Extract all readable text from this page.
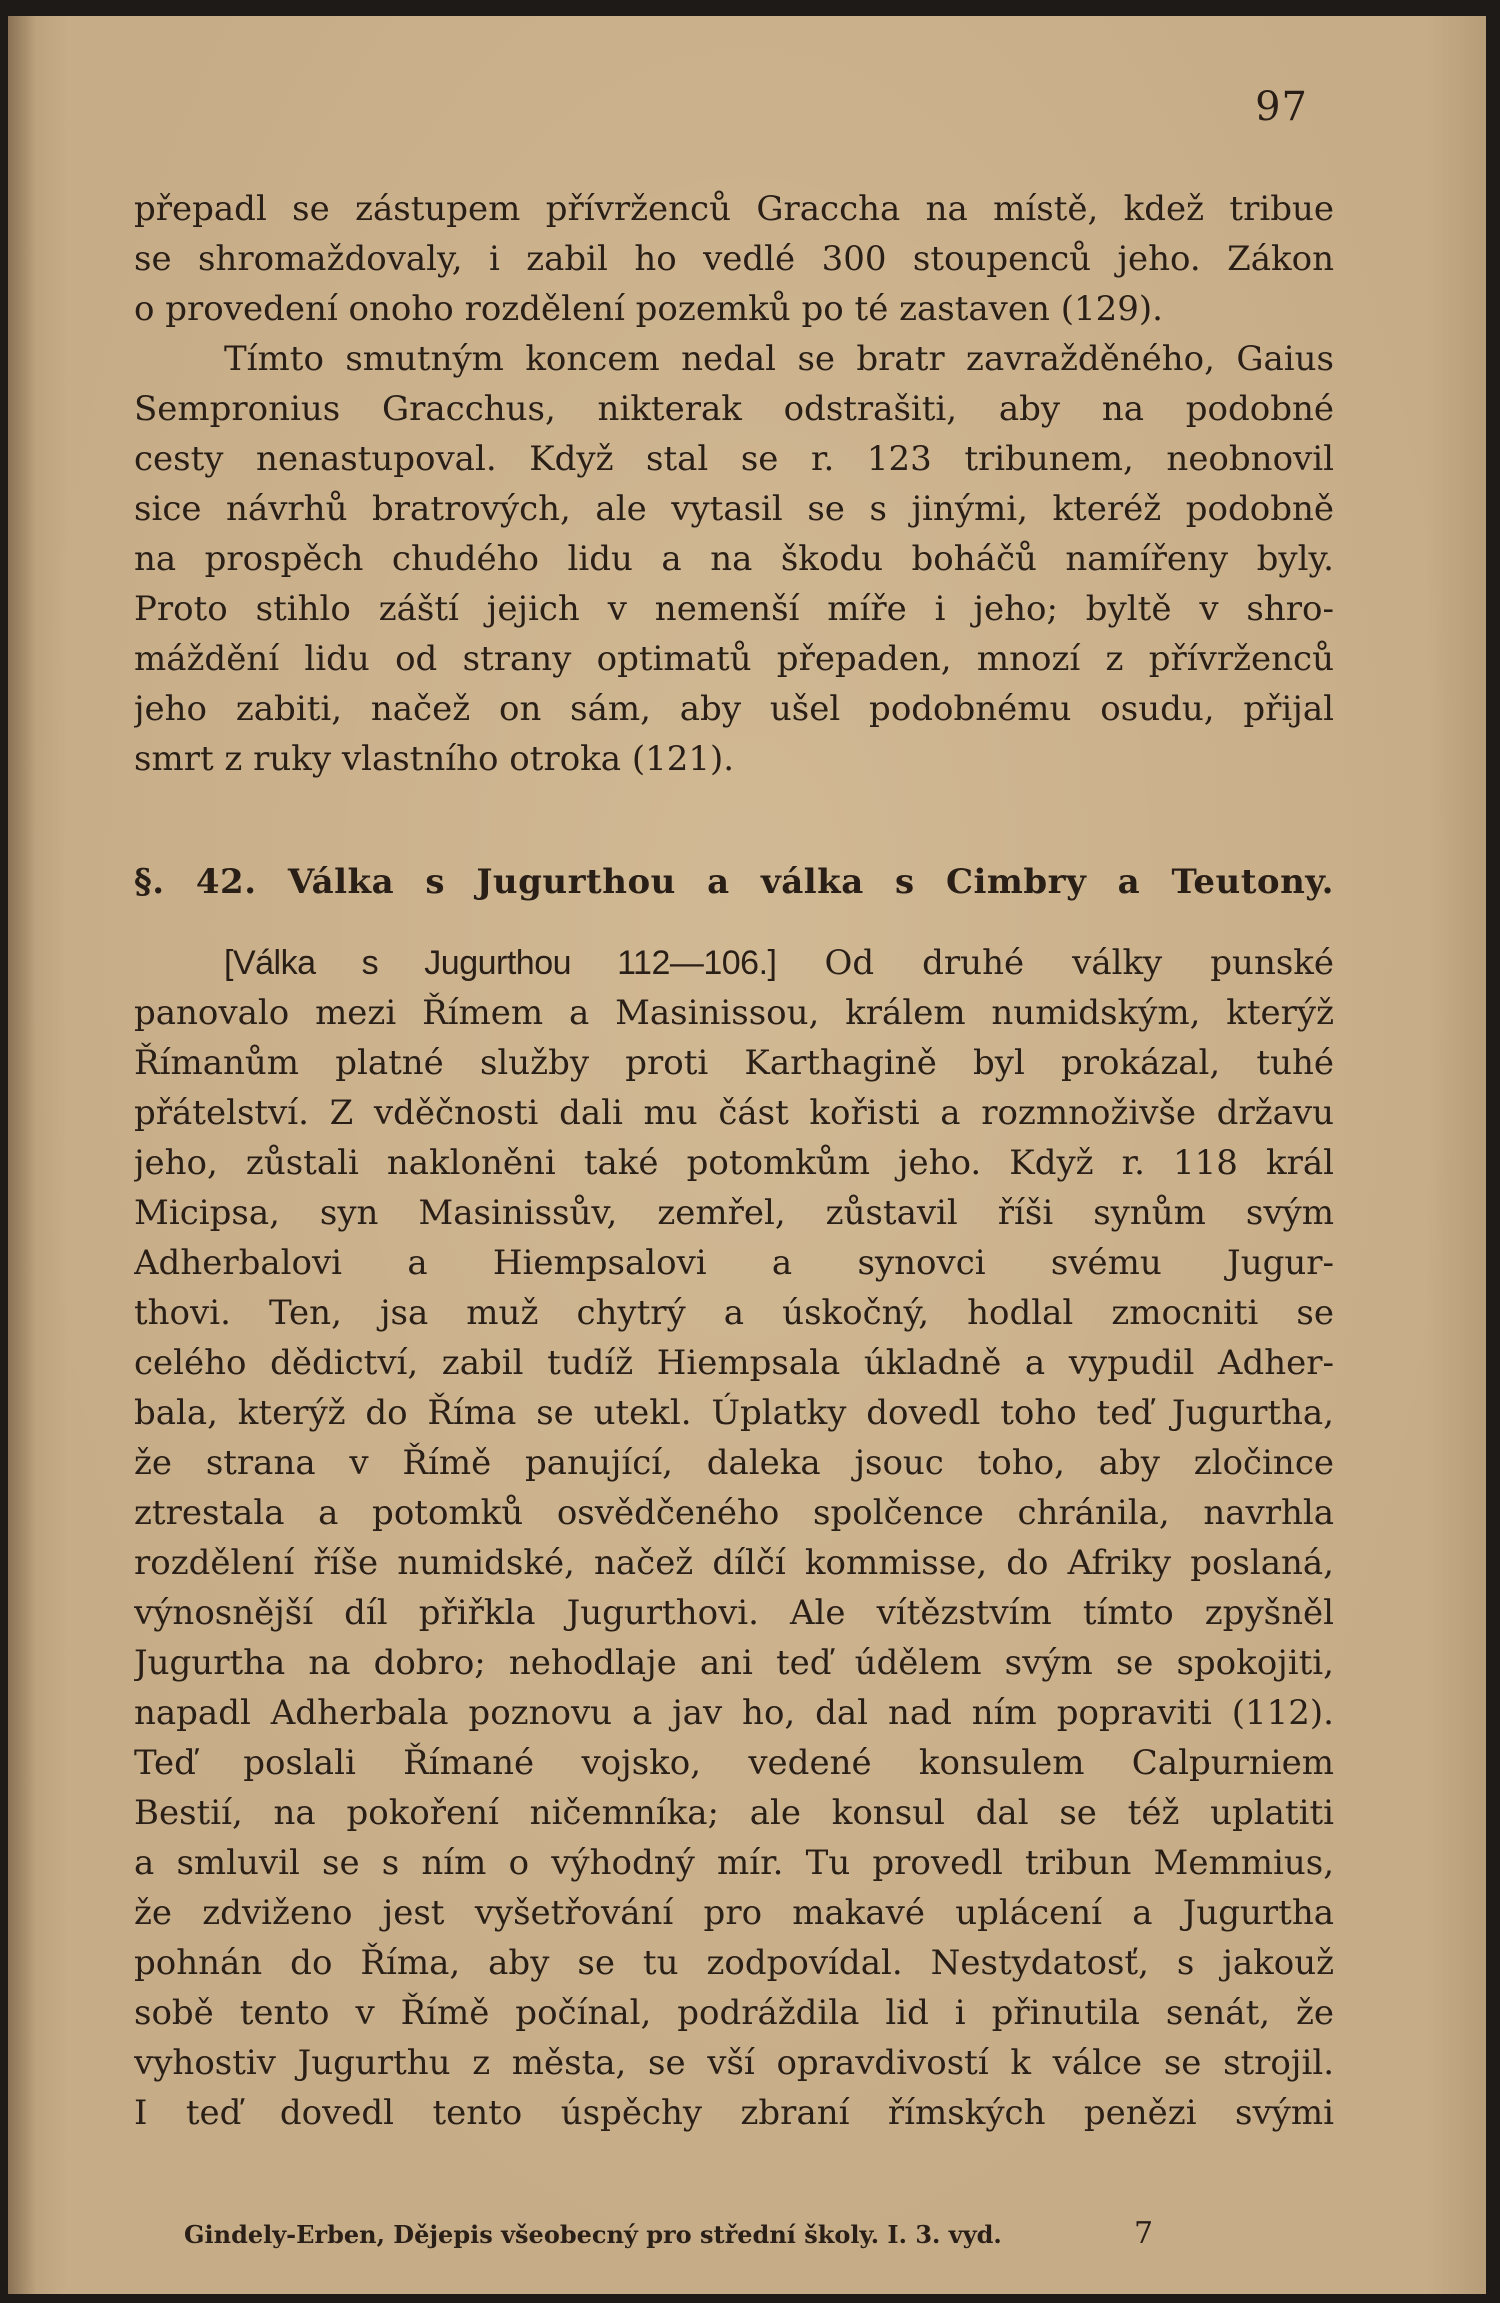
97
přepadl se zástupem přívrženců Graccha na místě, kdež tribue
se shromaždovaly, i zabil ho vedlé 300 stoupenců jeho. Zákon
o provedení onoho rozdělení pozemků po té zastaven (129).
Tímto smutným koncem nedal se bratr zavražděného, Gaius
Sempronius Gracchus, nikterak odstrašiti, aby na podobné
cesty nenastupoval. Když stal se r. 123 tribunem, neobnovil
sice návrhů bratrových, ale vytasil se s jinými, kteréž podobně
na prospěch chudého lidu a na škodu boháčů namířeny byly.
Proto stihlo záští jejich v nemenší míře i jeho; byltě v shro-
máždění lidu od strany optimatů přepaden, mnozí z přívrženců
jeho zabiti, načež on sám, aby ušel podobnému osudu, přijal
smrt z ruky vlastního otroka (121).
§. 42. Válka s Jugurthou a válka s Cimbry a Teutony.
[Válka s Jugurthou 112—106.] Od druhé války punské
panovalo mezi Římem a Masinissou, králem numidským, kterýž
Římanům platné služby proti Karthagině byl prokázal, tuhé
přátelství. Z vděčnosti dali mu část kořisti a rozmnoživše državu
jeho, zůstali nakloněni také potomkům jeho. Když r. 118 král
Micipsa, syn Masinissův, zemřel, zůstavil říši synům svým
Adherbalovi a Hiempsalovi a synovci svému Jugur-
thovi. Ten, jsa muž chytrý a úskočný, hodlal zmocniti se
celého dědictví, zabil tudíž Hiempsala úkladně a vypudil Adher-
bala, kterýž do Říma se utekl. Úplatky dovedl toho teď Jugurtha,
že strana v Římě panující, daleka jsouc toho, aby zločince
ztrestala a potomků osvědčeného spolčence chránila, navrhla
rozdělení říše numidské, načež dílčí kommisse, do Afriky poslaná,
výnosnější díl přiřkla Jugurthovi. Ale vítězstvím tímto zpyšněl
Jugurtha na dobro; nehodlaje ani teď údělem svým se spokojiti,
napadl Adherbala poznovu a jav ho, dal nad ním popraviti (112).
Teď poslali Římané vojsko, vedené konsulem Calpurniem
Bestií, na pokoření ničemníka; ale konsul dal se též uplatiti
a smluvil se s ním o výhodný mír. Tu provedl tribun Memmius,
že zdviženo jest vyšetřování pro makavé uplácení a Jugurtha
pohnán do Říma, aby se tu zodpovídal. Nestydatosť, s jakouž
sobě tento v Římě počínal, podráždila lid i přinutila senát, že
vyhostiv Jugurthu z města, se vší opravdivostí k válce se strojil.
I teď dovedl tento úspěchy zbraní římských penězi svými
Gindely-Erben, Dějepis všeobecný pro střední školy. I. 3. vyd.	7
